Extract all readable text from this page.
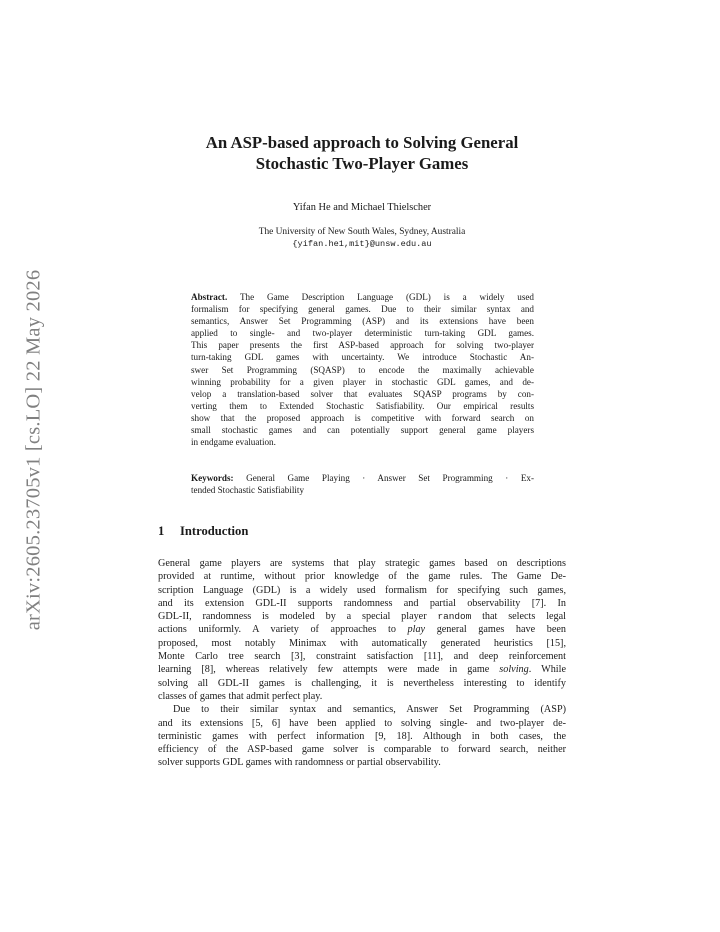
arXiv:2605.23705v1 [cs.LO] 22 May 2026
An ASP-based approach to Solving General
Stochastic Two-Player Games
Yifan He and Michael Thielscher
The University of New South Wales, Sydney, Australia
{yifan.he1,mit}@unsw.edu.au
Abstract. The Game Description Language (GDL) is a widely used
formalism for specifying general games. Due to their similar syntax and
semantics, Answer Set Programming (ASP) and its extensions have been
applied to single- and two-player deterministic turn-taking GDL games.
This paper presents the first ASP-based approach for solving two-player
turn-taking GDL games with uncertainty. We introduce Stochastic An-
swer Set Programming (SQASP) to encode the maximally achievable
winning probability for a given player in stochastic GDL games, and de-
velop a translation-based solver that evaluates SQASP programs by con-
verting them to Extended Stochastic Satisfiability. Our empirical results
show that the proposed approach is competitive with forward search on
small stochastic games and can potentially support general game players
in endgame evaluation.
Keywords: General Game Playing · Answer Set Programming · Ex-
tended Stochastic Satisfiability
1 Introduction
General game players are systems that play strategic games based on descriptions
provided at runtime, without prior knowledge of the game rules. The Game De-
scription Language (GDL) is a widely used formalism for specifying such games,
and its extension GDL-II supports randomness and partial observability [7]. In
GDL-II, randomness is modeled by a special player random that selects legal
actions uniformly. A variety of approaches to play general games have been
proposed, most notably Minimax with automatically generated heuristics [15],
Monte Carlo tree search [3], constraint satisfaction [11], and deep reinforcement
learning [8], whereas relatively few attempts were made in game solving. While
solving all GDL-II games is challenging, it is nevertheless interesting to identify
classes of games that admit perfect play.
Due to their similar syntax and semantics, Answer Set Programming (ASP)
and its extensions [5, 6] have been applied to solving single- and two-player de-
terministic games with perfect information [9, 18]. Although in both cases, the
efficiency of the ASP-based game solver is comparable to forward search, neither
solver supports GDL games with randomness or partial observability.
